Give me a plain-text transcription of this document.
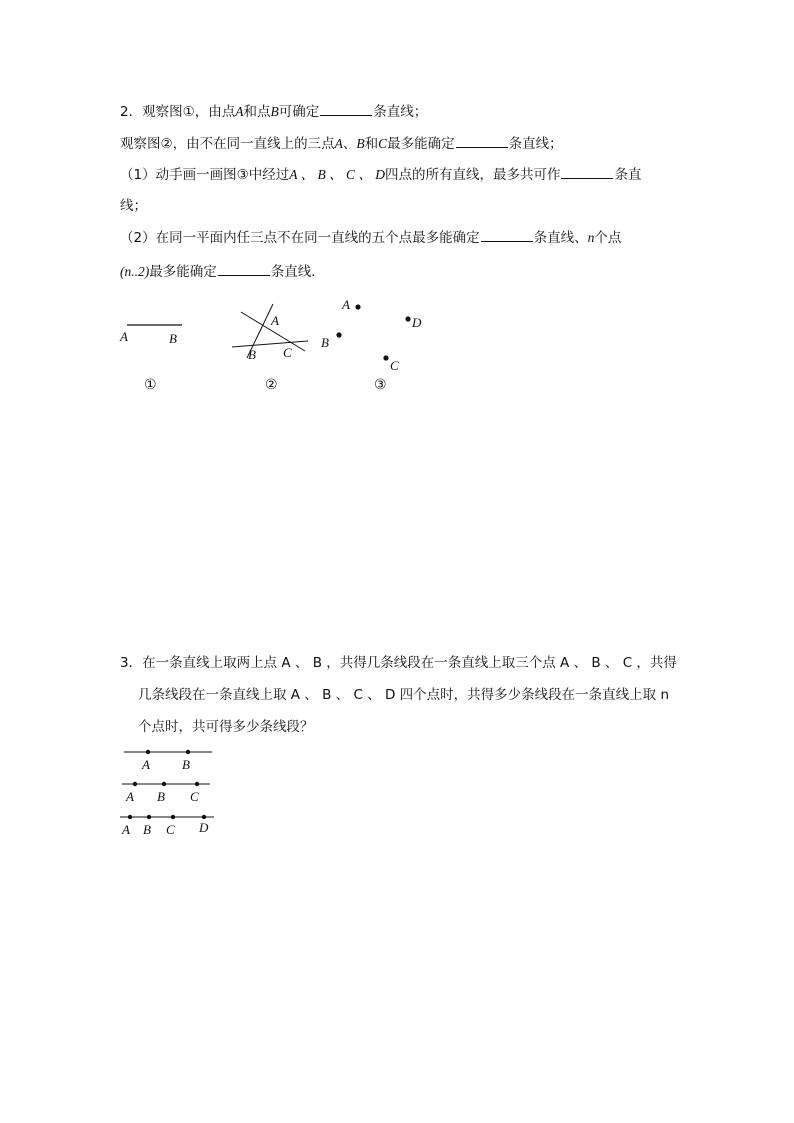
2．观察图①，由点A和点B可确定	条直线；
观察图②，由不在同一直线上的三点A、B和C最多能确定	条直线；
（1）动手画一画图③中经过A 、 B 、 C 、 D四点的所有直线，最多共可作	条直
线；
（2）在同一平面内任三点不在同一直线的五个点最多能确定	条直线、n个点
(n..2)最多能确定	条直线．
A	B
①
A
B C
②
A
B
C
D
③
3．在一条直线上取两上点 A 、 B ，共得几条线段在一条直线上取三个点 A 、 B 、 C ，共得
几条线段在一条直线上取 A 、 B 、 C 、 D 四个点时，共得多少条线段在一条直线上取 n
个点时，共可得多少条线段？
A B
A B C
A B C D
